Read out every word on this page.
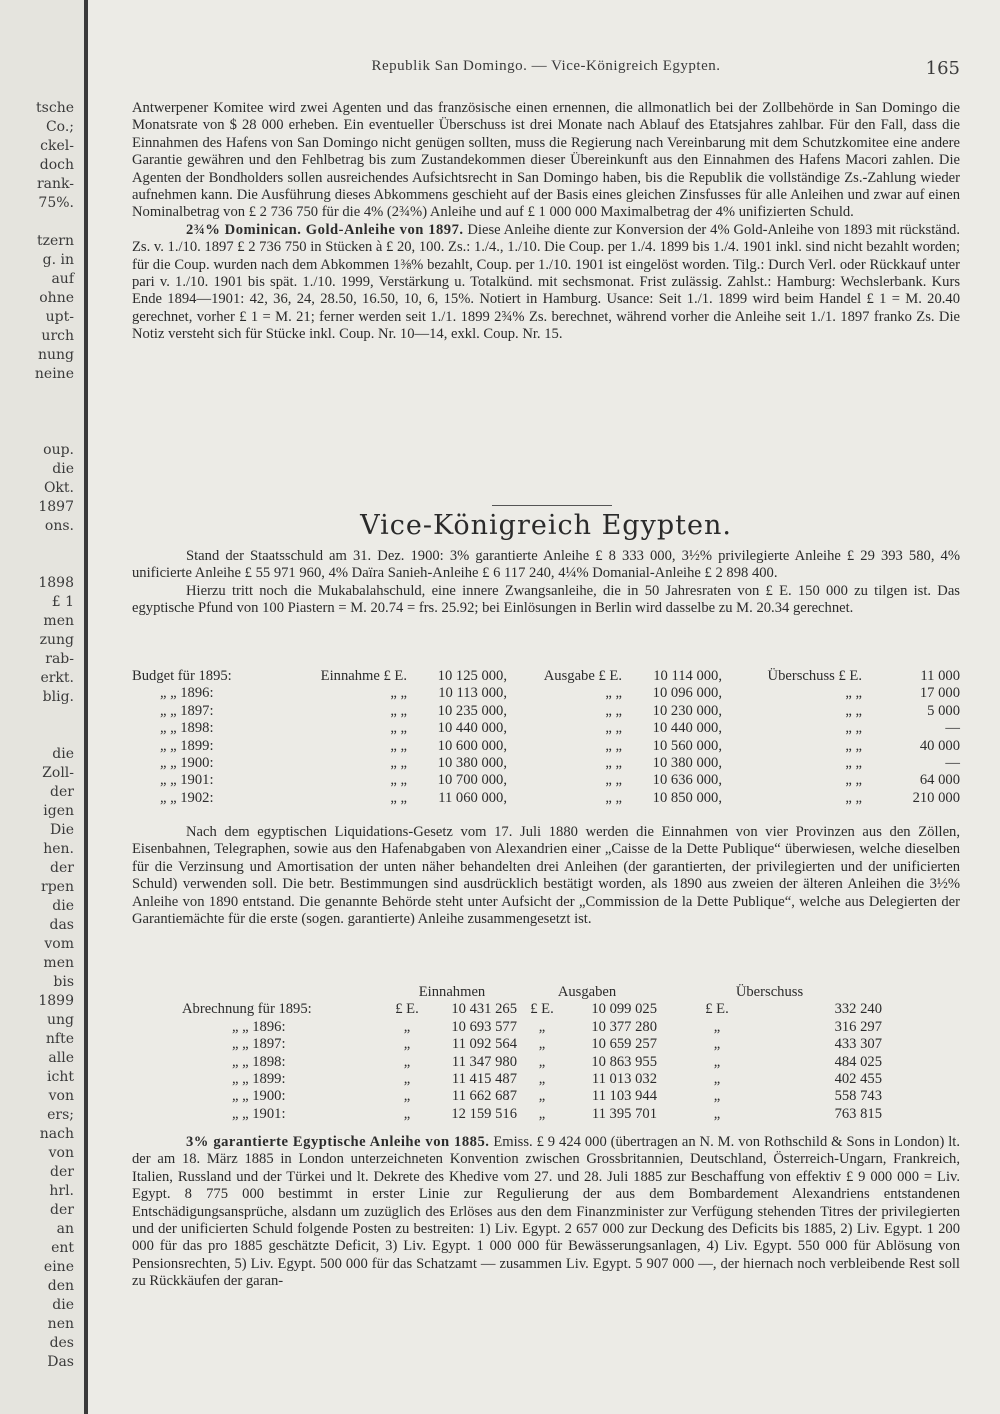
tsche
Co.;
ckel-
doch
rank-
75%.
tzern
g. in
auf
ohne
upt-
urch
nung
neine
oup.
die
Okt.
1897
ons.
1898
£ 1
men
zung
rab-
erkt.
blig.
die
Zoll-
der
igen
Die
hen.
der
rpen
die
das
vom
men
bis
1899
ung
nfte
alle
icht
von
ers;
nach
von
der
hrl.
der
an
ent
eine
den
die
nen
des
Das
Republik San Domingo. — Vice-Königreich Egypten.	165

Antwerpener Komitee wird zwei Agenten und das französische einen ernennen, die allmonatlich bei der Zollbehörde in San Domingo die Monatsrate von $ 28 000 erheben. Ein eventueller Überschuss ist drei Monate nach Ablauf des Etatsjahres zahlbar. Für den Fall, dass die Einnahmen des Hafens von San Domingo nicht genügen sollten, muss die Regierung nach Vereinbarung mit dem Schutzkomitee eine andere Garantie gewähren und den Fehlbetrag bis zum Zustandekommen dieser Übereinkunft aus den Einnahmen des Hafens Macori zahlen. Die Agenten der Bondholders sollen ausreichendes Aufsichtsrecht in San Domingo haben, bis die Republik die vollständige Zs.-Zahlung wieder aufnehmen kann. Die Ausführung dieses Abkommens geschieht auf der Basis eines gleichen Zinsfusses für alle Anleihen und zwar auf einen Nominalbetrag von £ 2 736 750 für die 4% (2¾%) Anleihe und auf £ 1 000 000 Maximalbetrag der 4% unifizierten Schuld.

2¾% Dominican. Gold-Anleihe von 1897. Diese Anleihe diente zur Konversion der 4% Gold-Anleihe von 1893 mit rückständ. Zs. v. 1./10. 1897 £ 2 736 750 in Stücken à £ 20, 100. Zs.: 1./4., 1./10. Die Coup. per 1./4. 1899 bis 1./4. 1901 inkl. sind nicht bezahlt worden; für die Coup. wurden nach dem Abkommen 1⅜% bezahlt, Coup. per 1./10. 1901 ist eingelöst worden. Tilg.: Durch Verl. oder Rückkauf unter pari v. 1./10. 1901 bis spät. 1./10. 1999, Verstärkung u. Totalkünd. mit sechsmonat. Frist zulässig. Zahlst.: Hamburg: Wechslerbank. Kurs Ende 1894—1901: 42, 36, 24, 28.50, 16.50, 10, 6, 15%. Notiert in Hamburg. Usance: Seit 1./1. 1899 wird beim Handel £ 1 = M. 20.40 gerechnet, vorher £ 1 = M. 21; ferner werden seit 1./1. 1899 2¾% Zs. berechnet, während vorher die Anleihe seit 1./1. 1897 franko Zs. Die Notiz versteht sich für Stücke inkl. Coup. Nr. 10—14, exkl. Coup. Nr. 15.

Vice-Königreich Egypten.

Stand der Staatsschuld am 31. Dez. 1900: 3% garantierte Anleihe £ 8 333 000, 3½% privilegierte Anleihe £ 29 393 580, 4% unificierte Anleihe £ 55 971 960, 4% Daïra Sanieh-Anleihe £ 6 117 240, 4¼% Domanial-Anleihe £ 2 898 400.

Hierzu tritt noch die Mukabalahschuld, eine innere Zwangsanleihe, die in 50 Jahresraten von £ E. 150 000 zu tilgen ist. Das egyptische Pfund von 100 Piastern = M. 20.74 = frs. 25.92; bei Einlösungen in Berlin wird dasselbe zu M. 20.34 gerechnet.

Budget für 1895:	Einnahme £ E.	10 125 000,	Ausgabe £ E.	10 114 000,	Überschuss £ E.	11 000
„ „ 1896:	„ „	10 113 000,	„ „	10 096 000,	„ „	17 000
„ „ 1897:	„ „	10 235 000,	„ „	10 230 000,	„ „	5 000
„ „ 1898:	„ „	10 440 000,	„ „	10 440 000,	„ „	—
„ „ 1899:	„ „	10 600 000,	„ „	10 560 000,	„ „	40 000
„ „ 1900:	„ „	10 380 000,	„ „	10 380 000,	„ „	—
„ „ 1901:	„ „	10 700 000,	„ „	10 636 000,	„ „	64 000
„ „ 1902:	„ „	11 060 000,	„ „	10 850 000,	„ „	210 000

Nach dem egyptischen Liquidations-Gesetz vom 17. Juli 1880 werden die Einnahmen von vier Provinzen aus den Zöllen, Eisenbahnen, Telegraphen, sowie aus den Hafenabgaben von Alexandrien einer „Caisse de la Dette Publique“ überwiesen, welche dieselben für die Verzinsung und Amortisation der unten näher behandelten drei Anleihen (der garantierten, der privilegierten und der unificierten Schuld) verwenden soll. Die betr. Bestimmungen sind ausdrücklich bestätigt worden, als 1890 aus zweien der älteren Anleihen die 3½% Anleihe von 1890 entstand. Die genannte Behörde steht unter Aufsicht der „Commission de la Dette Publique“, welche aus Delegierten der Garantiemächte für die erste (sogen. garantierte) Anleihe zusammengesetzt ist.

	Einnahmen		Ausgaben		Überschuss	
Abrechnung für 1895:	£ E.	10 431 265	£ E.	10 099 025	£ E.	332 240
„ „ 1896:	„	10 693 577	„	10 377 280	„	316 297
„ „ 1897:	„	11 092 564	„	10 659 257	„	433 307
„ „ 1898:	„	11 347 980	„	10 863 955	„	484 025
„ „ 1899:	„	11 415 487	„	11 013 032	„	402 455
„ „ 1900:	„	11 662 687	„	11 103 944	„	558 743
„ „ 1901:	„	12 159 516	„	11 395 701	„	763 815

3% garantierte Egyptische Anleihe von 1885. Emiss. £ 9 424 000 (übertragen an N. M. von Rothschild & Sons in London) lt. der am 18. März 1885 in London unterzeichneten Konvention zwischen Grossbritannien, Deutschland, Österreich-Ungarn, Frankreich, Italien, Russland und der Türkei und lt. Dekrete des Khedive vom 27. und 28. Juli 1885 zur Beschaffung von effektiv £ 9 000 000 = Liv. Egypt. 8 775 000 bestimmt in erster Linie zur Regulierung der aus dem Bombardement Alexandriens entstandenen Entschädigungsansprüche, alsdann um zuzüglich des Erlöses aus den dem Finanzminister zur Verfügung stehenden Titres der privilegierten und der unificierten Schuld folgende Posten zu bestreiten: 1) Liv. Egypt. 2 657 000 zur Deckung des Deficits bis 1885, 2) Liv. Egypt. 1 200 000 für das pro 1885 geschätzte Deficit, 3) Liv. Egypt. 1 000 000 für Bewässerungsanlagen, 4) Liv. Egypt. 550 000 für Ablösung von Pensionsrechten, 5) Liv. Egypt. 500 000 für das Schatzamt — zusammen Liv. Egypt. 5 907 000 —, der hiernach noch verbleibende Rest soll zu Rückkäufen der garan-
